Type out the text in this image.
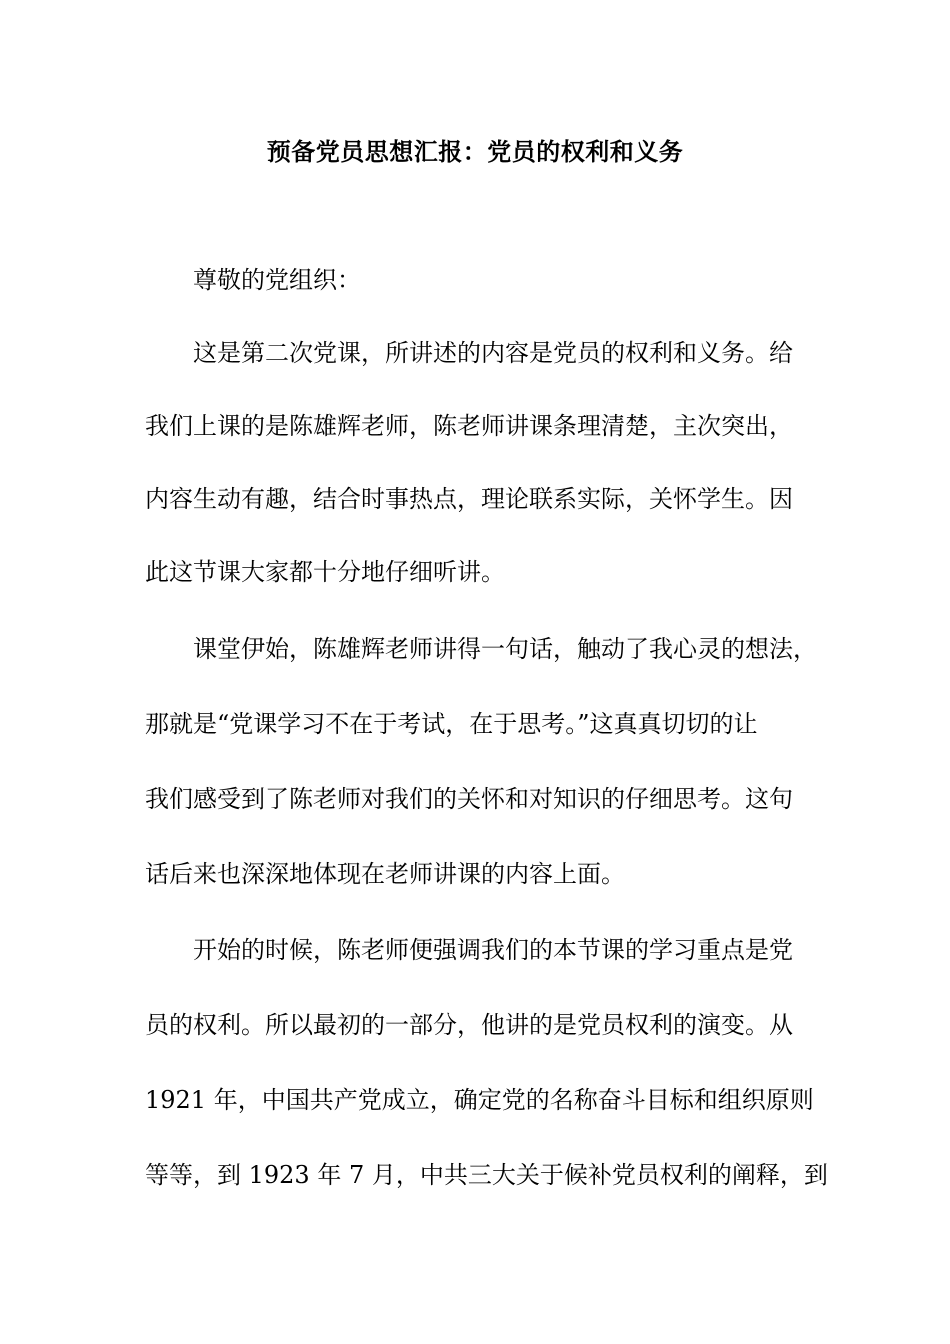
预备党员思想汇报：党员的权利和义务
尊敬的党组织：
这是第二次党课，所讲述的内容是党员的权利和义务。给
我们上课的是陈雄辉老师，陈老师讲课条理清楚，主次突出，
内容生动有趣，结合时事热点，理论联系实际，关怀学生。因
此这节课大家都十分地仔细听讲。
课堂伊始，陈雄辉老师讲得一句话，触动了我心灵的想法，
那就是“党课学习不在于考试，在于思考。”这真真切切的让
我们感受到了陈老师对我们的关怀和对知识的仔细思考。这句
话后来也深深地体现在老师讲课的内容上面。
开始的时候，陈老师便强调我们的本节课的学习重点是党
员的权利。所以最初的一部分，他讲的是党员权利的演变。从
1921 年，中国共产党成立，确定党的名称奋斗目标和组织原则
等等，到 1923 年 7 月，中共三大关于候补党员权利的阐释，到
